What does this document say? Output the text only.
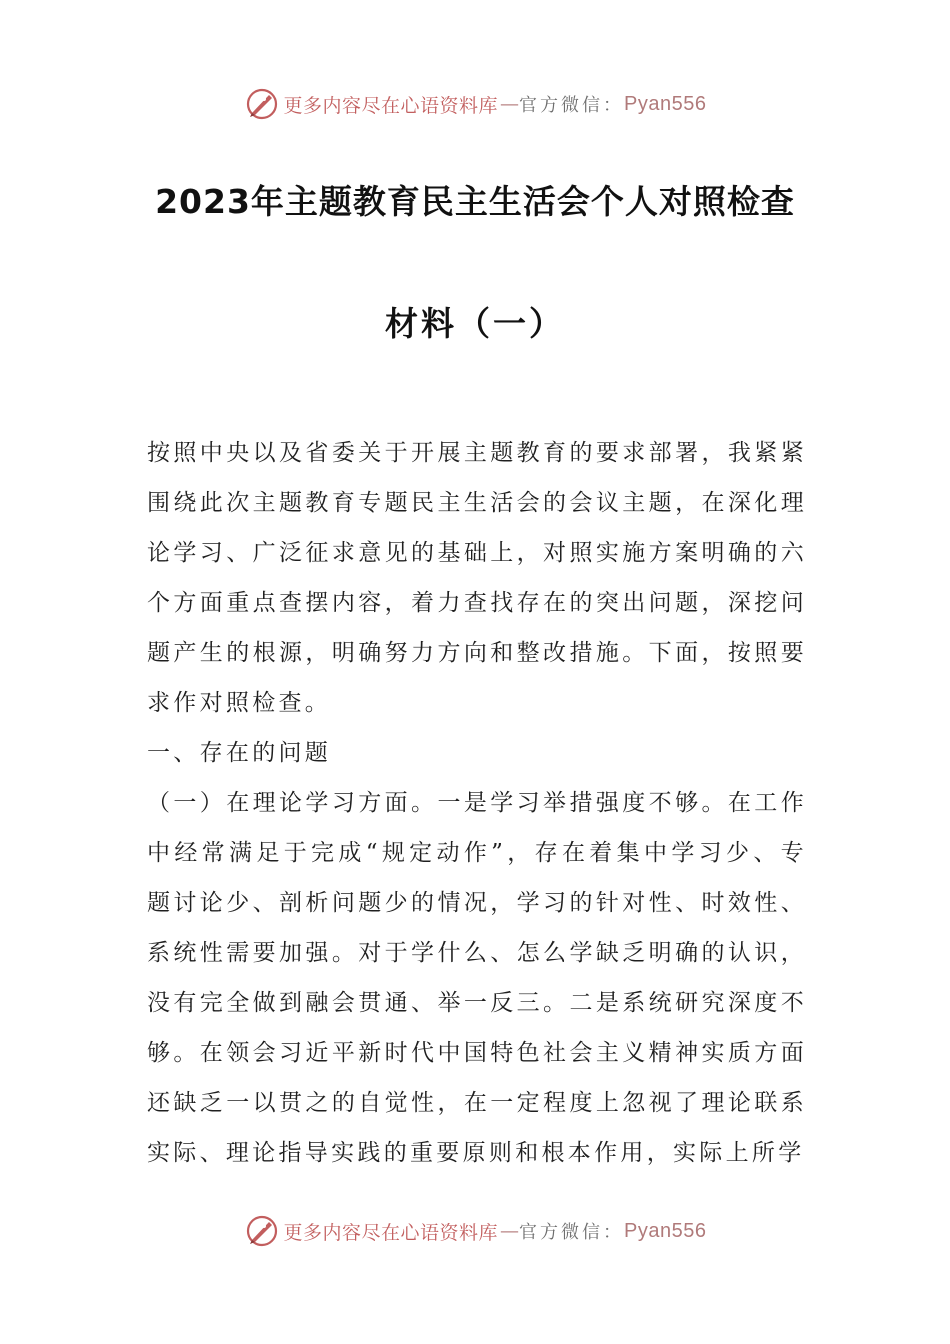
更多内容尽在心语资料库 — 官方微信： Pyan556
2023年主题教育民主生活会个人对照检查
材料（一）

按照中央以及省委关于开展主题教育的要求部署，我紧紧围绕此次主题教育专题民主生活会的会议主题，在深化理论学习、广泛征求意见的基础上，对照实施方案明确的六个方面重点查摆内容，着力查找存在的突出问题，深挖问题产生的根源，明确努力方向和整改措施。下面，按照要求作对照检查。

一、存在的问题

（一）在理论学习方面。一是学习举措强度不够。在工作中经常满足于完成“规定动作”，存在着集中学习少、专题讨论少、剖析问题少的情况，学习的针对性、时效性、系统性需要加强。对于学什么、怎么学缺乏明确的认识，没有完全做到融会贯通、举一反三。二是系统研究深度不够。在领会习近平新时代中国特色社会主义精神实质方面还缺乏一以贯之的自觉性，在一定程度上忽视了理论联系实际、理论指导实践的重要原则和根本作用，实际上所学

更多内容尽在心语资料库 — 官方微信： Pyan556
